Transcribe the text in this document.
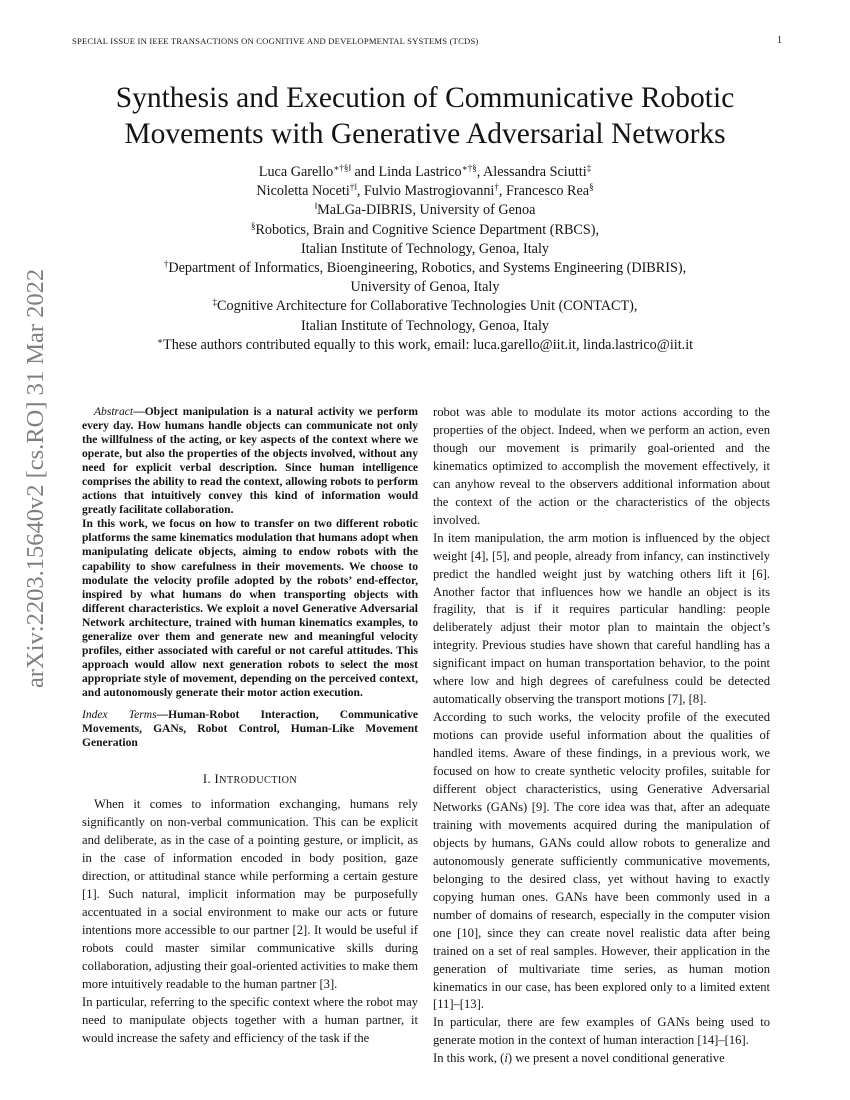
SPECIAL ISSUE IN IEEE TRANSACTIONS ON COGNITIVE AND DEVELOPMENTAL SYSTEMS (TCDS)	1
arXiv:2203.15640v2 [cs.RO] 31 Mar 2022
Synthesis and Execution of Communicative Robotic
Movements with Generative Adversarial Networks
Luca Garello∗†§‖ and Linda Lastrico∗†§, Alessandra Sciutti‡
Nicoletta Noceti†‖, Fulvio Mastrogiovanni†, Francesco Rea§
‖MaLGa-DIBRIS, University of Genoa
§Robotics, Brain and Cognitive Science Department (RBCS),
Italian Institute of Technology, Genoa, Italy
†Department of Informatics, Bioengineering, Robotics, and Systems Engineering (DIBRIS),
University of Genoa, Italy
‡Cognitive Architecture for Collaborative Technologies Unit (CONTACT),
Italian Institute of Technology, Genoa, Italy
∗These authors contributed equally to this work, email: luca.garello@iit.it, linda.lastrico@iit.it

Abstract—Object manipulation is a natural activity we perform every day. How humans handle objects can communicate not only the willfulness of the acting, or key aspects of the context where we operate, but also the properties of the objects involved, without any need for explicit verbal description. Since human intelligence comprises the ability to read the context, allowing robots to perform actions that intuitively convey this kind of information would greatly facilitate collaboration.

In this work, we focus on how to transfer on two different robotic platforms the same kinematics modulation that humans adopt when manipulating delicate objects, aiming to endow robots with the capability to show carefulness in their movements. We choose to modulate the velocity profile adopted by the robots’ end-effector, inspired by what humans do when transporting objects with different characteristics. We exploit a novel Generative Adversarial Network architecture, trained with human kinematics examples, to generalize over them and generate new and meaningful velocity profiles, either associated with careful or not careful attitudes. This approach would allow next generation robots to select the most appropriate style of movement, depending on the perceived context, and autonomously generate their motor action execution.

Index Terms—Human-Robot Interaction, Communicative Movements, GANs, Robot Control, Human-Like Movement Generation

I. INTRODUCTION

When it comes to information exchanging, humans rely significantly on non-verbal communication. This can be explicit and deliberate, as in the case of a pointing gesture, or implicit, as in the case of information encoded in body position, gaze direction, or attitudinal stance while performing a certain gesture [1]. Such natural, implicit information may be purposefully accentuated in a social environment to make our acts or future intentions more accessible to our partner [2]. It would be useful if robots could master similar communicative skills during collaboration, adjusting their goal-oriented activities to make them more intuitively readable to the human partner [3].

In particular, referring to the specific context where the robot may need to manipulate objects together with a human partner, it would increase the safety and efficiency of the task if the

robot was able to modulate its motor actions according to the properties of the object. Indeed, when we perform an action, even though our movement is primarily goal-oriented and the kinematics optimized to accomplish the movement effectively, it can anyhow reveal to the observers additional information about the context of the action or the characteristics of the objects involved.

In item manipulation, the arm motion is influenced by the object weight [4], [5], and people, already from infancy, can instinctively predict the handled weight just by watching others lift it [6]. Another factor that influences how we handle an object is its fragility, that is if it requires particular handling: people deliberately adjust their motor plan to maintain the object’s integrity. Previous studies have shown that careful handling has a significant impact on human transportation behavior, to the point where low and high degrees of carefulness could be detected automatically observing the transport motions [7], [8].

According to such works, the velocity profile of the executed motions can provide useful information about the qualities of handled items. Aware of these findings, in a previous work, we focused on how to create synthetic velocity profiles, suitable for different object characteristics, using Generative Adversarial Networks (GANs) [9]. The core idea was that, after an adequate training with movements acquired during the manipulation of objects by humans, GANs could allow robots to generalize and autonomously generate sufficiently communicative movements, belonging to the desired class, yet without having to exactly copying human ones. GANs have been commonly used in a number of domains of research, especially in the computer vision one [10], since they can create novel realistic data after being trained on a set of real samples. However, their application in the generation of multivariate time series, as human motion kinematics in our case, has been explored only to a limited extent [11]–[13].

In particular, there are few examples of GANs being used to generate motion in the context of human interaction [14]–[16].

In this work, (i) we present a novel conditional generative
